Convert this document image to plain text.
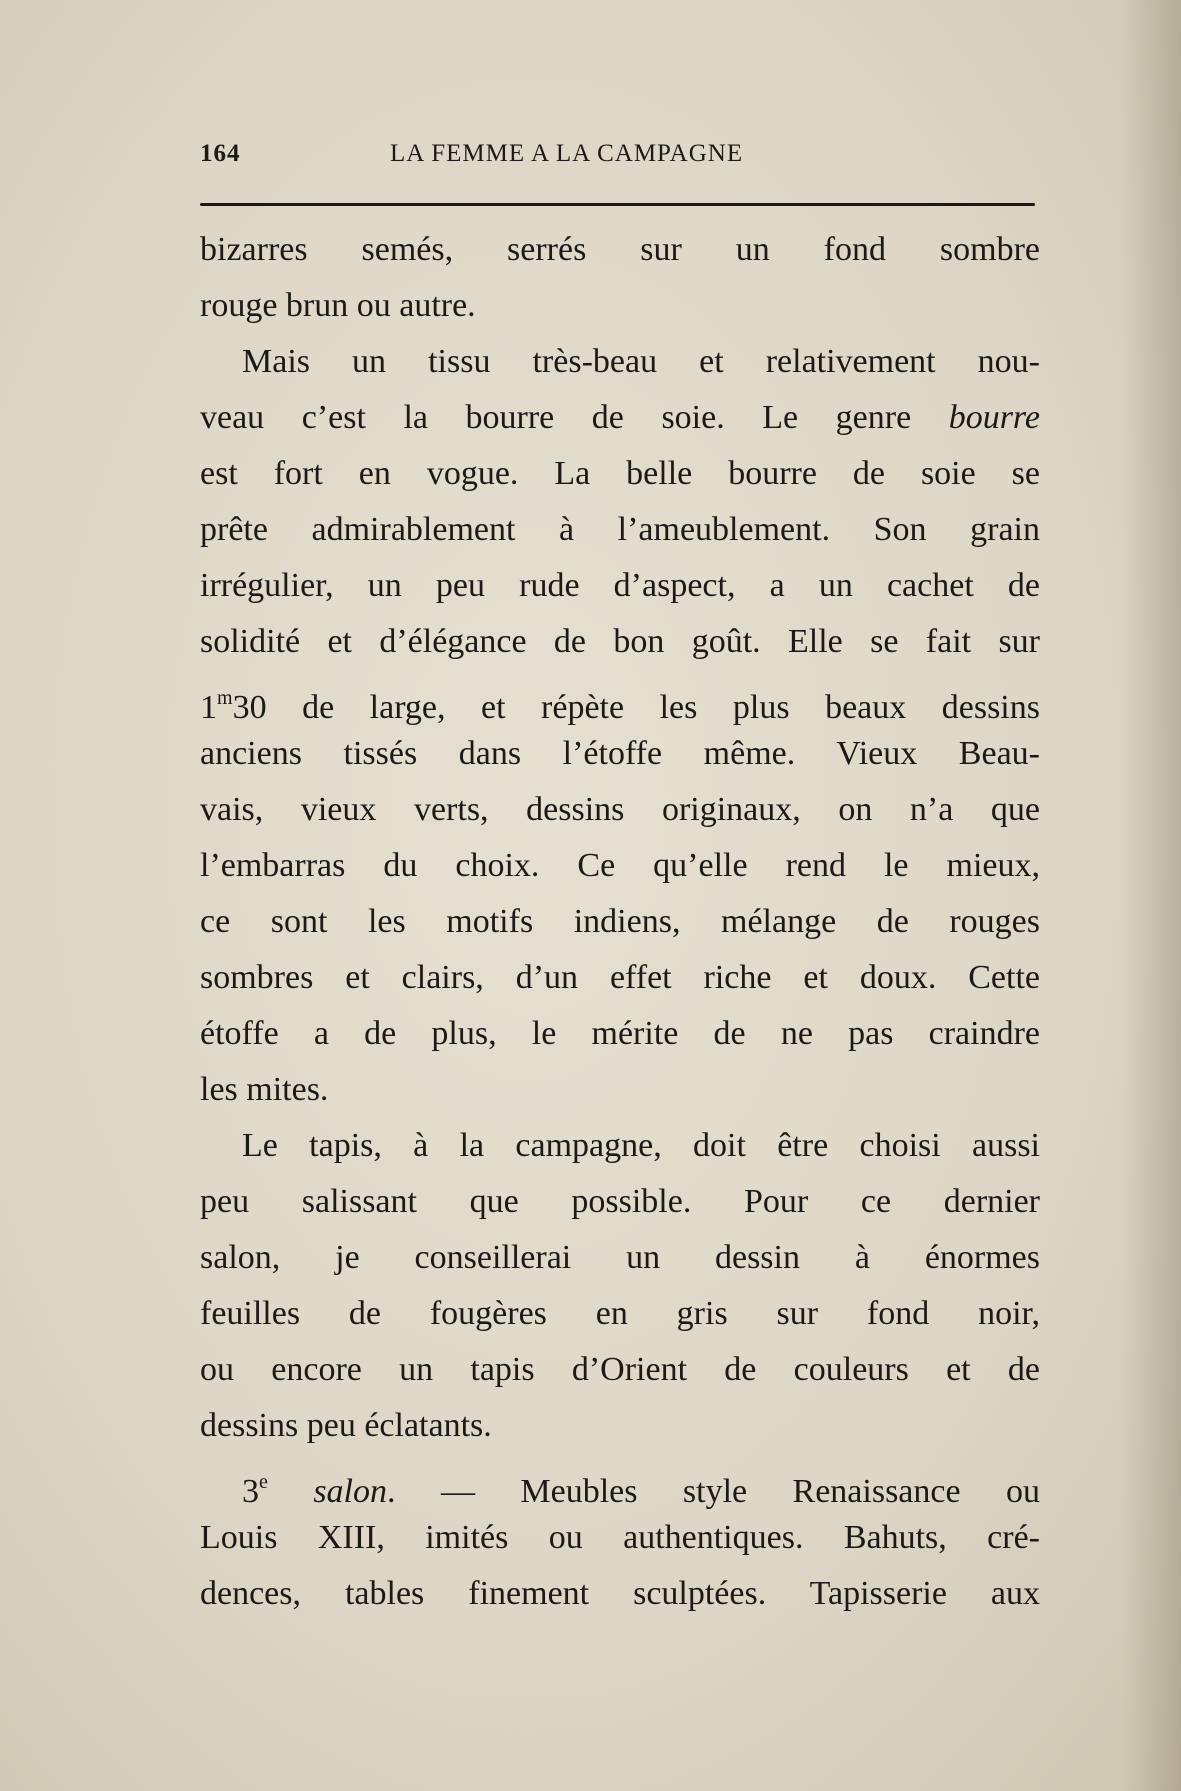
164	LA FEMME A LA CAMPAGNE
bizarres semés, serrés sur un fond sombre
rouge brun ou autre.
Mais un tissu très-beau et relativement nou-
veau c’est la bourre de soie. Le genre bourre
est fort en vogue. La belle bourre de soie se
prête admirablement à l’ameublement. Son grain
irrégulier, un peu rude d’aspect, a un cachet de
solidité et d’élégance de bon goût. Elle se fait sur
1$^m$30 de large, et répète les plus beaux dessins
anciens tissés dans l’étoffe même. Vieux Beau-
vais, vieux verts, dessins originaux, on n’a que
l’embarras du choix. Ce qu’elle rend le mieux,
ce sont les motifs indiens, mélange de rouges
sombres et clairs, d’un effet riche et doux. Cette
étoffe a de plus, le mérite de ne pas craindre
les mites.
Le tapis, à la campagne, doit être choisi aussi
peu salissant que possible. Pour ce dernier
salon, je conseillerai un dessin à énormes
feuilles de fougères en gris sur fond noir,
ou encore un tapis d’Orient de couleurs et de
dessins peu éclatants.
3e salon. — Meubles style Renaissance ou
Louis XIII, imités ou authentiques. Bahuts, cré-
dences, tables finement sculptées. Tapisserie aux
